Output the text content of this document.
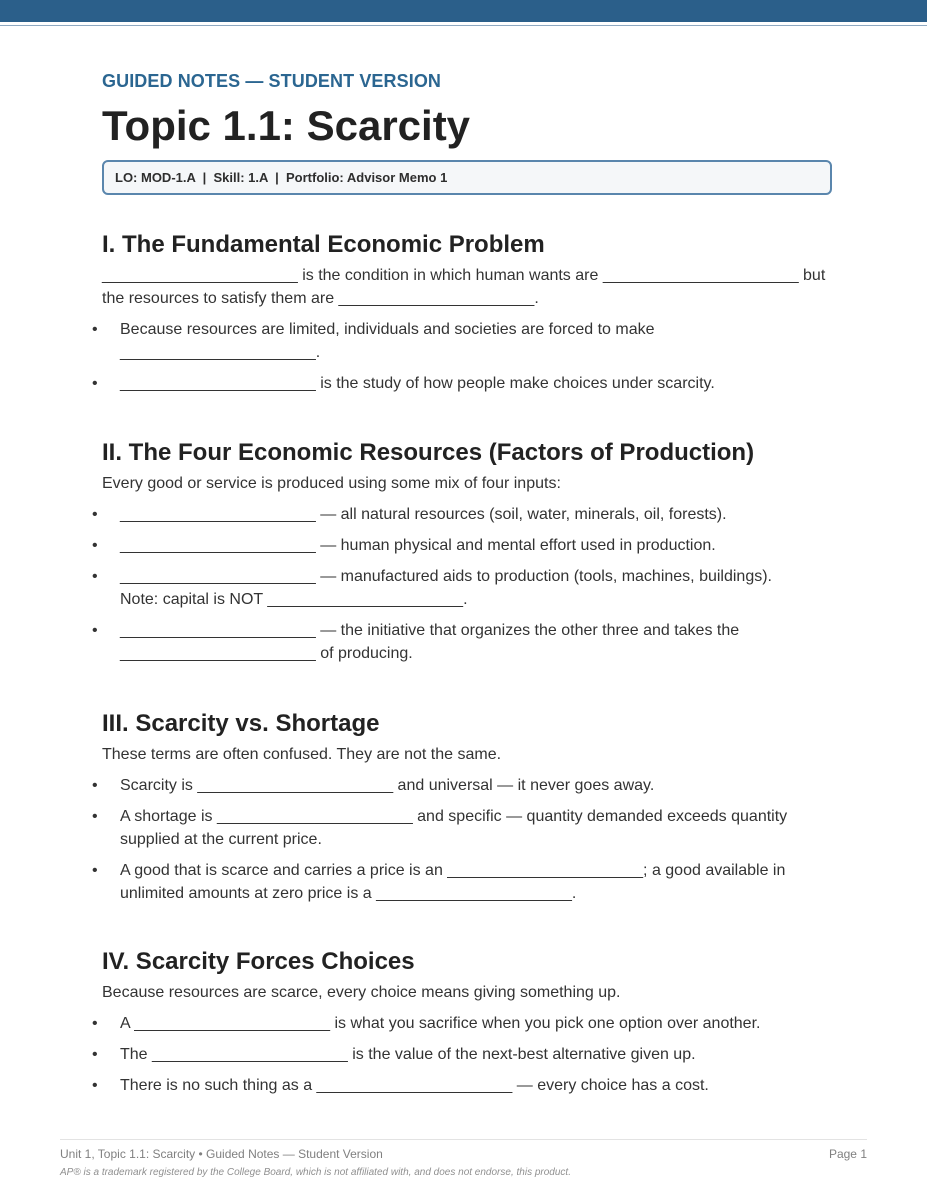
GUIDED NOTES — STUDENT VERSION

Topic 1.1: Scarcity
LO: MOD-1.A  |  Skill: 1.A  |  Portfolio: Advisor Memo 1
I. The Fundamental Economic Problem

______________________ is the condition in which human wants are ______________________ but the resources to satisfy them are ______________________.

• Because resources are limited, individuals and societies are forced to make ______________________.
• ______________________ is the study of how people make choices under scarcity.
II. The Four Economic Resources (Factors of Production)

Every good or service is produced using some mix of four inputs:

• ______________________ — all natural resources (soil, water, minerals, oil, forests).
• ______________________ — human physical and mental effort used in production.
• ______________________ — manufactured aids to production (tools, machines, buildings). Note: capital is NOT ______________________.
• ______________________ — the initiative that organizes the other three and takes the ______________________ of producing.
III. Scarcity vs. Shortage

These terms are often confused. They are not the same.

• Scarcity is ______________________ and universal — it never goes away.
• A shortage is ______________________ and specific — quantity demanded exceeds quantity supplied at the current price.
• A good that is scarce and carries a price is an ______________________; a good available in unlimited amounts at zero price is a ______________________.
IV. Scarcity Forces Choices

Because resources are scarce, every choice means giving something up.

• A ______________________ is what you sacrifice when you pick one option over another.
• The ______________________ is the value of the next-best alternative given up.
• There is no such thing as a ______________________ — every choice has a cost.
Unit 1, Topic 1.1: Scarcity • Guided Notes — Student Version	Page 1
AP® is a trademark registered by the College Board, which is not affiliated with, and does not endorse, this product.
